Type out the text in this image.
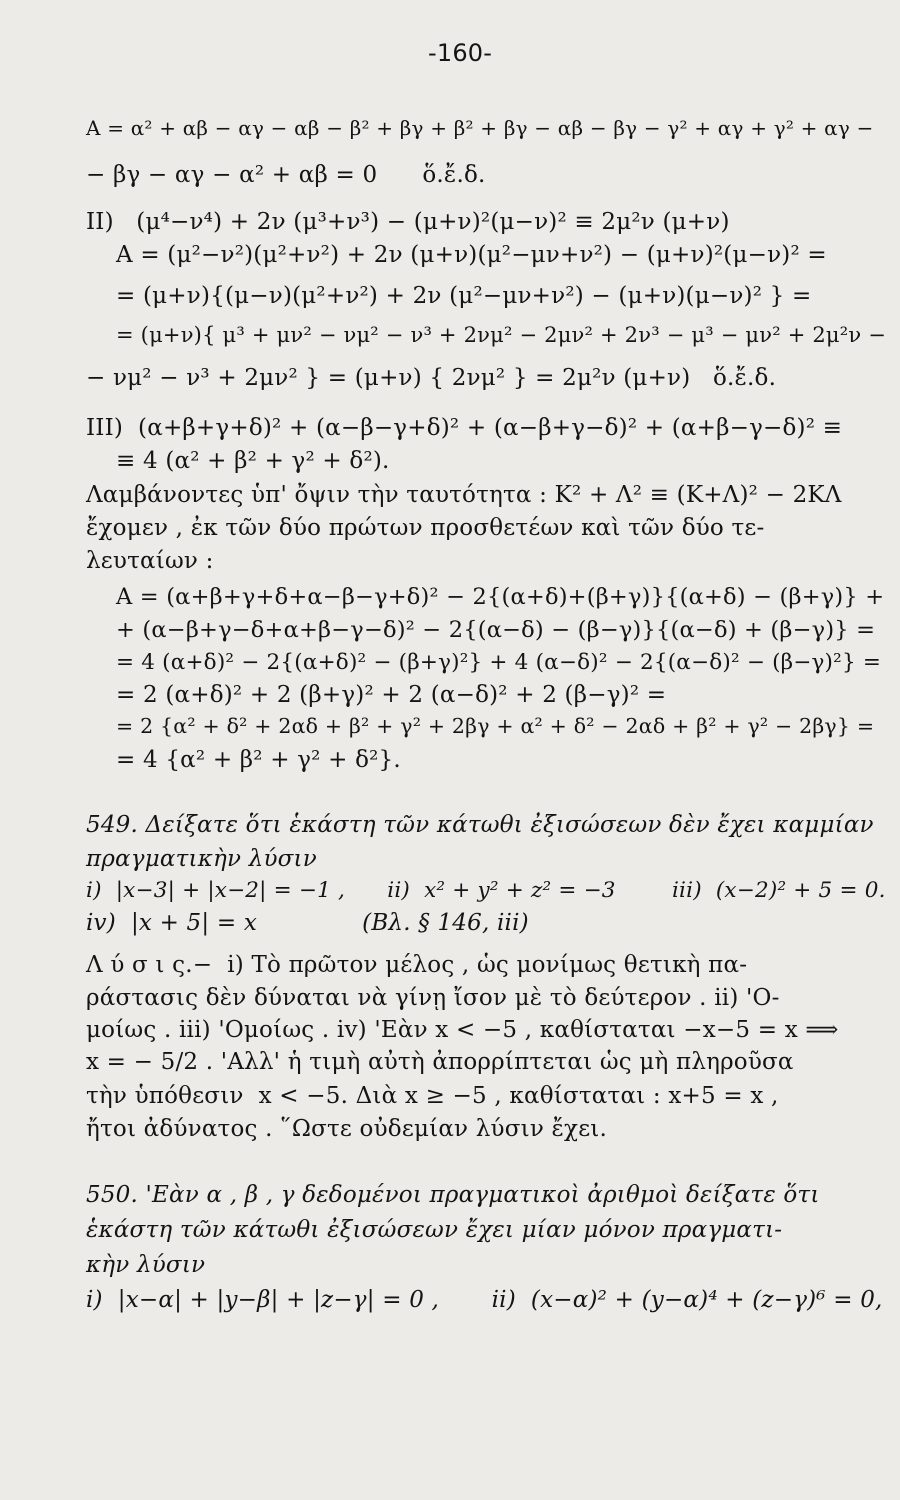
-160-
A = α² + αβ − αγ − αβ − β² + βγ + β² + βγ − αβ − βγ − γ² + αγ + γ² + αγ −
− βγ − αγ − α² + αβ = 0      ὅ.ἔ.δ.
II)   (μ⁴−ν⁴) + 2ν (μ³+ν³) − (μ+ν)²(μ−ν)² ≡ 2μ²ν (μ+ν)
A = (μ²−ν²)(μ²+ν²) + 2ν (μ+ν)(μ²−μν+ν²) − (μ+ν)²(μ−ν)² =
= (μ+ν){(μ−ν)(μ²+ν²) + 2ν (μ²−μν+ν²) − (μ+ν)(μ−ν)² } =
= (μ+ν){ μ³ + μν² − νμ² − ν³ + 2νμ² − 2μν² + 2ν³ − μ³ − μν² + 2μ²ν −
− νμ² − ν³ + 2μν² } = (μ+ν) { 2νμ² } = 2μ²ν (μ+ν)   ὅ.ἔ.δ.
III)  (α+β+γ+δ)² + (α−β−γ+δ)² + (α−β+γ−δ)² + (α+β−γ−δ)² ≡
≡ 4 (α² + β² + γ² + δ²).
Λαμβάνοντες ὑπ' ὄψιν τὴν ταυτότητα : Κ² + Λ² ≡ (Κ+Λ)² − 2ΚΛ
ἔχομεν , ἐκ τῶν δύο πρώτων προσθετέων καὶ τῶν δύο τε-
λευταίων :
A = (α+β+γ+δ+α−β−γ+δ)² − 2{(α+δ)+(β+γ)}{(α+δ) − (β+γ)} +
+ (α−β+γ−δ+α+β−γ−δ)² − 2{(α−δ) − (β−γ)}{(α−δ) + (β−γ)} =
= 4 (α+δ)² − 2{(α+δ)² − (β+γ)²} + 4 (α−δ)² − 2{(α−δ)² − (β−γ)²} =
= 2 (α+δ)² + 2 (β+γ)² + 2 (α−δ)² + 2 (β−γ)² =
= 2 {α² + δ² + 2αδ + β² + γ² + 2βγ + α² + δ² − 2αδ + β² + γ² − 2βγ} =
= 4 {α² + β² + γ² + δ²}.
549. Δείξατε ὅτι ἑκάστη τῶν κάτωθι ἐξισώσεων δὲν ἔχει καμμίαν
πραγματικὴν λύσιν
i)  |x−3| + |x−2| = −1 ,      ii)  x² + y² + z² = −3        iii)  (x−2)² + 5 = 0.
iv)  |x + 5| = x              (Βλ. § 146, iii)
Λ ύ σ ι ς.−  i) Τὸ πρῶτον μέλος , ὡς μονίμως θετικὴ πα-
ράστασις δὲν δύναται νὰ γίνῃ ἴσον μὲ τὸ δεύτερον . ii) 'Ο-
μοίως . iii) 'Ομοίως . iv) 'Εὰν x < −5 , καθίσταται −x−5 = x ⟹
x = − 5/2 . 'Αλλ' ἡ τιμὴ αὐτὴ ἀπορρίπτεται ὡς μὴ πληροῦσα
τὴν ὑπόθεσιν  x < −5. Διὰ x ≥ −5 , καθίσταται : x+5 = x ,
ἤτοι ἀδύνατος . ῞Ωστε οὐδεμίαν λύσιν ἔχει.
550. 'Εὰν α , β , γ δεδομένοι πραγματικοὶ ἀριθμοὶ δείξατε ὅτι
ἑκάστη τῶν κάτωθι ἐξισώσεων ἔχει μίαν μόνον πραγματι-
κὴν λύσιν
i)  |x−α| + |y−β| + |z−γ| = 0 ,       ii)  (x−α)² + (y−α)⁴ + (z−γ)⁶ = 0,
